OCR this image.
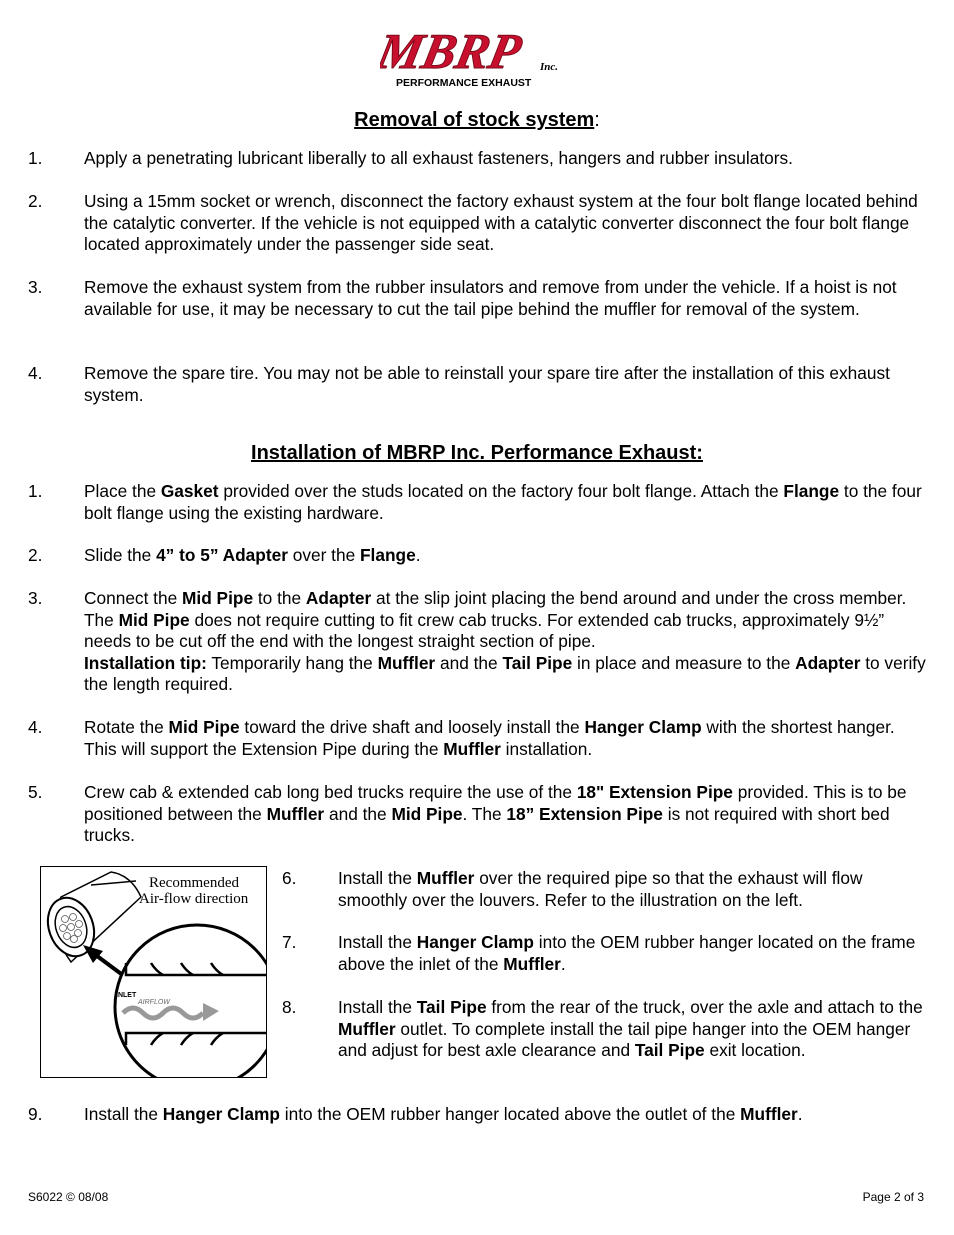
MBRP Inc.
PERFORMANCE EXHAUST
Removal of stock system:
1. Apply a penetrating lubricant liberally to all exhaust fasteners, hangers and rubber insulators.
2. Using a 15mm socket or wrench, disconnect the factory exhaust system at the four bolt flange located behind the catalytic converter. If the vehicle is not equipped with a catalytic converter disconnect the four bolt flange located approximately under the passenger side seat.
3. Remove the exhaust system from the rubber insulators and remove from under the vehicle. If a hoist is not available for use, it may be necessary to cut the tail pipe behind the muffler for removal of the system.
4. Remove the spare tire. You may not be able to reinstall your spare tire after the installation of this exhaust system.
Installation of MBRP Inc. Performance Exhaust:
1. Place the Gasket provided over the studs located on the factory four bolt flange. Attach the Flange to the four bolt flange using the existing hardware.
2. Slide the 4” to 5” Adapter over the Flange.
3. Connect the Mid Pipe to the Adapter at the slip joint placing the bend around and under the cross member. The Mid Pipe does not require cutting to fit crew cab trucks. For extended cab trucks, approximately 9½” needs to be cut off the end with the longest straight section of pipe.
Installation tip: Temporarily hang the Muffler and the Tail Pipe in place and measure to the Adapter to verify the length required.
4. Rotate the Mid Pipe toward the drive shaft and loosely install the Hanger Clamp with the shortest hanger. This will support the Extension Pipe during the Muffler installation.
5. Crew cab & extended cab long bed trucks require the use of the 18" Extension Pipe provided. This is to be positioned between the Muffler and the Mid Pipe. The 18” Extension Pipe is not required with short bed trucks.
Recommended
Air-flow direction
INLET
AIRFLOW
6. Install the Muffler over the required pipe so that the exhaust will flow smoothly over the louvers. Refer to the illustration on the left.
7. Install the Hanger Clamp into the OEM rubber hanger located on the frame above the inlet of the Muffler.
8. Install the Tail Pipe from the rear of the truck, over the axle and attach to the Muffler outlet. To complete install the tail pipe hanger into the OEM hanger and adjust for best axle clearance and Tail Pipe exit location.
9. Install the Hanger Clamp into the OEM rubber hanger located above the outlet of the Muffler.
S6022 © 08/08	Page 2 of 3
